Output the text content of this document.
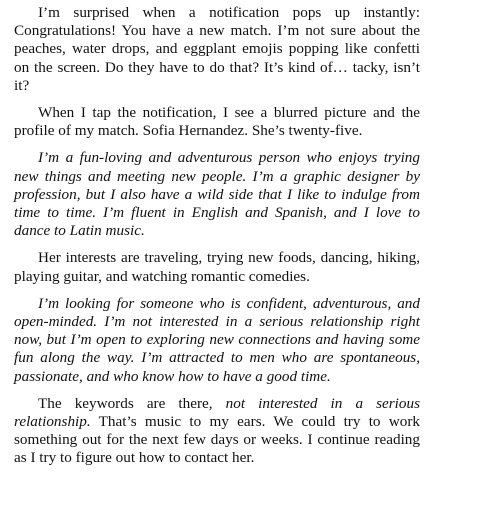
I’m surprised when a notification pops up instantly: Congratulations! You have a new match. I’m not sure about the peaches, water drops, and eggplant emojis popping like confetti on the screen. Do they have to do that? It’s kind of… tacky, isn’t it?

When I tap the notification, I see a blurred picture and the profile of my match. Sofia Hernandez. She’s twenty-five.

I’m a fun-loving and adventurous person who enjoys trying new things and meeting new people. I’m a graphic designer by profession, but I also have a wild side that I like to indulge from time to time. I’m fluent in English and Spanish, and I love to dance to Latin music.

Her interests are traveling, trying new foods, dancing, hiking, playing guitar, and watching romantic comedies.

I’m looking for someone who is confident, adventurous, and open-minded. I’m not interested in a serious relationship right now, but I’m open to exploring new connections and having some fun along the way. I’m attracted to men who are spontaneous, passionate, and who know how to have a good time.

The keywords are there, not interested in a serious relationship. That’s music to my ears. We could try to work something out for the next few days or weeks. I continue reading as I try to figure out how to contact her.
